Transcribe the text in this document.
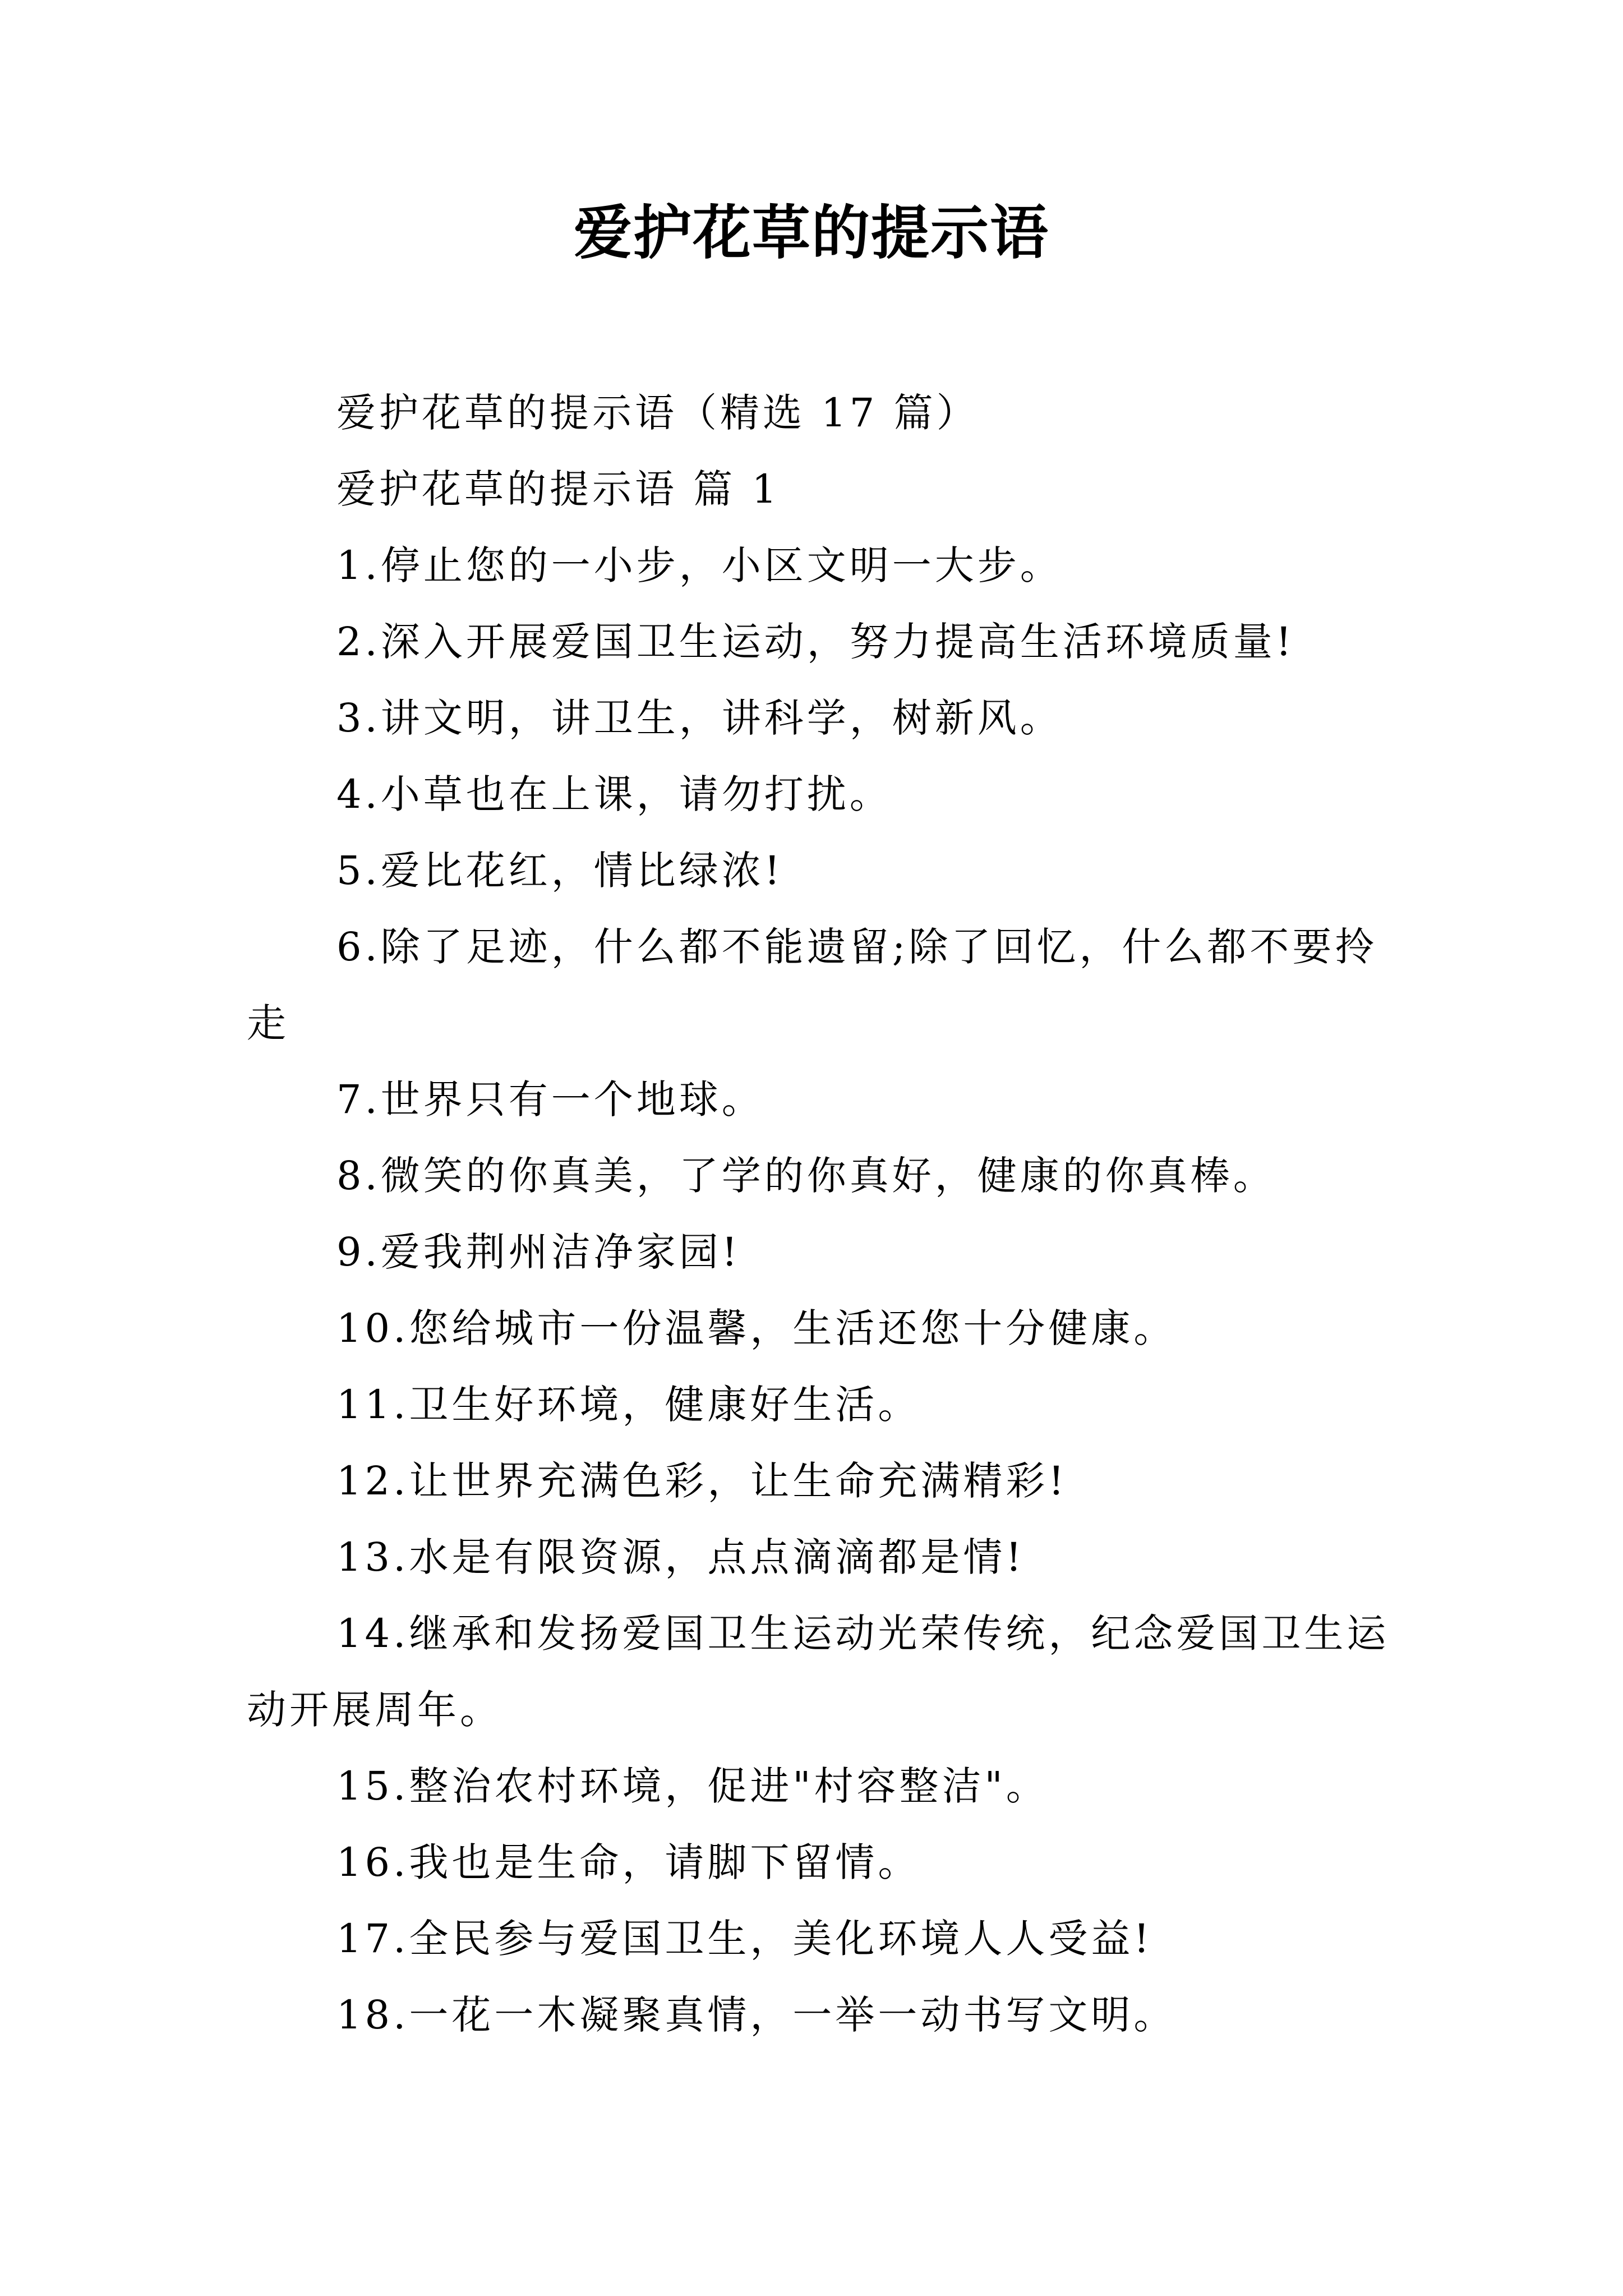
爱护花草的提示语

爱护花草的提示语（精选 17 篇）

爱护花草的提示语 篇 1

1.停止您的一小步，小区文明一大步。

2.深入开展爱国卫生运动，努力提高生活环境质量!

3.讲文明，讲卫生，讲科学，树新风。

4.小草也在上课，请勿打扰。

5.爱比花红，情比绿浓!

6.除了足迹，什么都不能遗留;除了回忆，什么都不要拎走

7.世界只有一个地球。

8.微笑的你真美，了学的你真好，健康的你真棒。

9.爱我荆州洁净家园!

10.您给城市一份温馨，生活还您十分健康。

11.卫生好环境，健康好生活。

12.让世界充满色彩，让生命充满精彩!

13.水是有限资源，点点滴滴都是情!

14.继承和发扬爱国卫生运动光荣传统，纪念爱国卫生运动开展周年。

15.整治农村环境，促进"村容整洁"。

16.我也是生命，请脚下留情。

17.全民参与爱国卫生，美化环境人人受益!

18.一花一木凝聚真情，一举一动书写文明。
